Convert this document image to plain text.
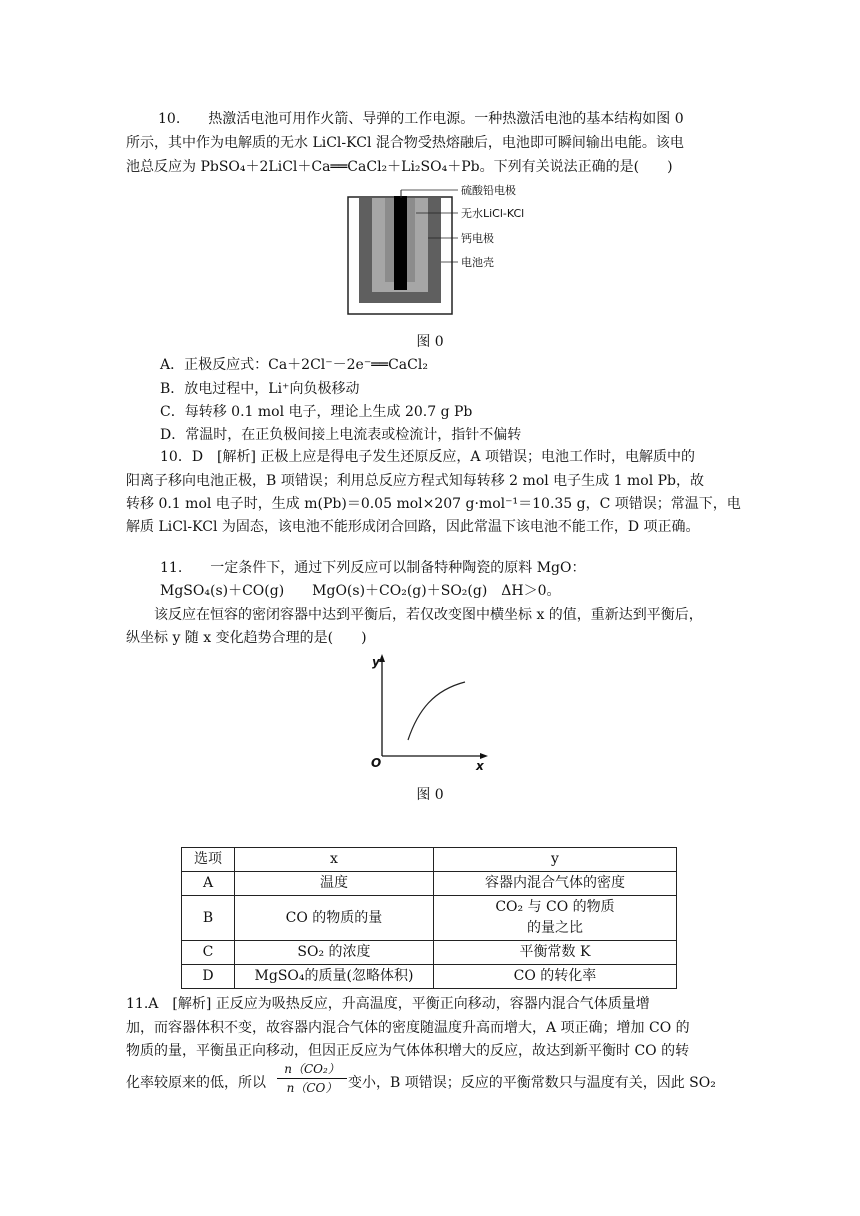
10.　　热激活电池可用作火箭、导弹的工作电源。一种热激活电池的基本结构如图 0
所示，其中作为电解质的无水 LiCl-KCl 混合物受热熔融后，电池即可瞬间输出电能。该电
池总反应为 PbSO₄＋2LiCl＋Ca══CaCl₂＋Li₂SO₄＋Pb。下列有关说法正确的是(　　)
硫酸铅电极
无水LiCl-KCl
钙电极
电池壳
图 0
A．正极反应式：Ca＋2Cl⁻－2e⁻══CaCl₂
B．放电过程中，Li⁺向负极移动
C．每转移 0.1 mol 电子，理论上生成 20.7 g Pb
D．常温时，在正负极间接上电流表或检流计，指针不偏转
10．D　[解析] 正极上应是得电子发生还原反应，A 项错误；电池工作时，电解质中的
阳离子移向电池正极，B 项错误；利用总反应方程式知每转移 2 mol 电子生成 1 mol Pb，故
转移 0.1 mol 电子时，生成 m(Pb)＝0.05 mol×207 g·mol⁻¹＝10.35 g，C 项错误；常温下，电
解质 LiCl-KCl 为固态，该电池不能形成闭合回路，因此常温下该电池不能工作，D 项正确。
11.　　一定条件下，通过下列反应可以制备特种陶瓷的原料 MgO：
MgSO₄(s)＋CO(g)　　MgO(s)＋CO₂(g)＋SO₂(g)　ΔH＞0。
　　该反应在恒容的密闭容器中达到平衡后，若仅改变图中横坐标 x 的值，重新达到平衡后，
纵坐标 y 随 x 变化趋势合理的是(　　)
y
O	x
图 0
选项	x	y
A	温度	容器内混合气体的密度
B	CO 的物质的量	CO₂ 与 CO 的物质
的量之比

C	SO₂ 的浓度	平衡常数 K
D	MgSO₄的质量(忽略体积)	CO 的转化率
11.A　[解析] 正反应为吸热反应，升高温度，平衡正向移动，容器内混合气体质量增
加，而容器体积不变，故容器内混合气体的密度随温度升高而增大，A 项正确；增加 CO 的
物质的量，平衡虽正向移动，但因正反应为气体体积增大的反应，故达到新平衡时 CO 的转
化率较原来的低，所以 $\frac{\text{n（CO₂）}}{n(CO)}$ 变小，B 项错误；反应的平衡常数只与温度有关，因此 SO₂
